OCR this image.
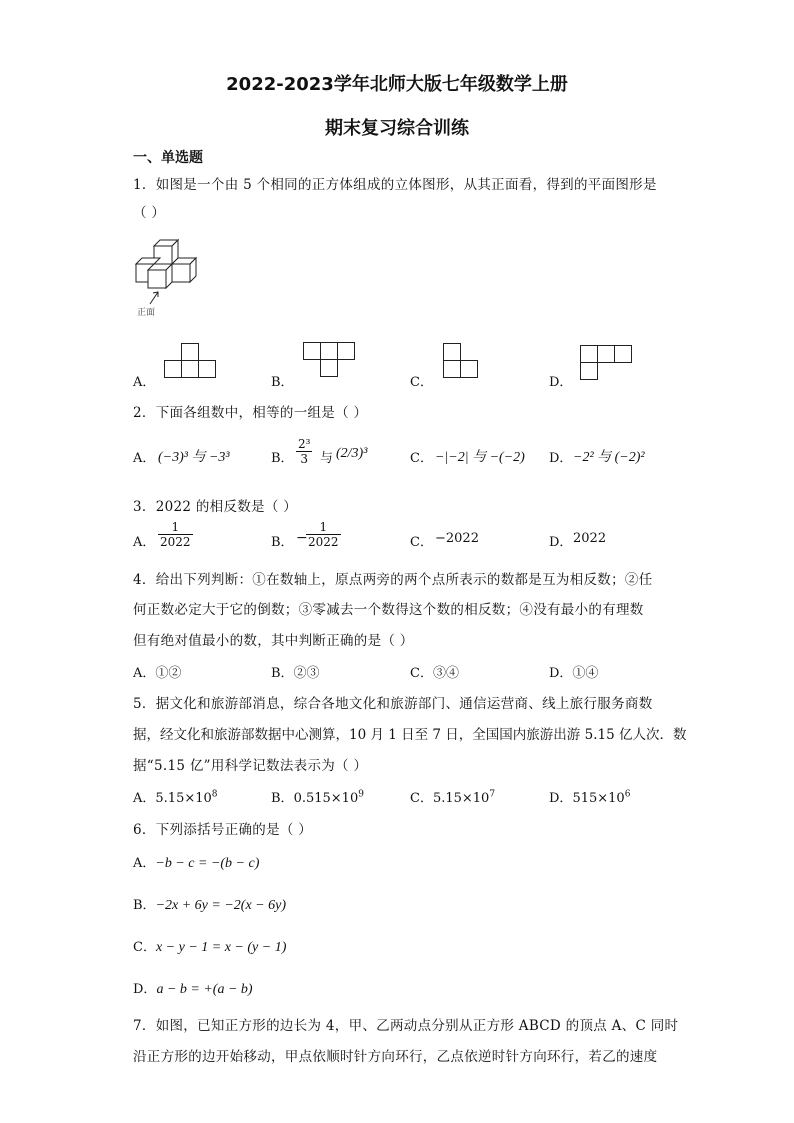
2022-2023学年北师大版七年级数学上册
期末复习综合训练
一、单选题
1．如图是一个由 5 个相同的正方体组成的立体图形，从其正面看，得到的平面图形是
（ ）
正面
A．	B．	C．	D．
2．下面各组数中，相等的一组是（ ）
A． (−3)³ 与 −3³	B． $\frac{\text{2³}}{3}$ 与 (2/3)³	C． −|−2| 与 −(−2) D． −2² 与 (−2)²
3．2022 的相反数是（ ）
A． $\frac{1}{2022}$	B． −
$\frac{1}{2022}$	C． −2022	D． 2022
4．给出下列判断：①在数轴上，原点两旁的两个点所表示的数都是互为相反数；②任
何正数必定大于它的倒数；③零减去一个数得这个数的相反数；④没有最小的有理数
但有绝对值最小的数，其中判断正确的是（ ）
A．①②	B．②③	C．③④	D．①④
5．据文化和旅游部消息，综合各地文化和旅游部门、通信运营商、线上旅行服务商数
据，经文化和旅游部数据中心测算，10 月 1 日至 7 日，全国国内旅游出游 5.15 亿人次．数
据“5.15 亿”用科学记数法表示为（ ）
A．$5.15\times 10^8$	B．$0.515\times 10^9$	C．$5.15\times 10^7$	D．$515\times 10^6$
6．下列添括号正确的是（ ）
A．−b − c = −(b − c)
B．−2x + 6y = −2(x − 6y)
C．x − y − 1 = x − (y − 1)
D．a − b = +(a − b)
7．如图，已知正方形的边长为 4，甲、乙两动点分别从正方形 ABCD 的顶点 A、C 同时
沿正方形的边开始移动，甲点依顺时针方向环行，乙点依逆时针方向环行，若乙的速度
